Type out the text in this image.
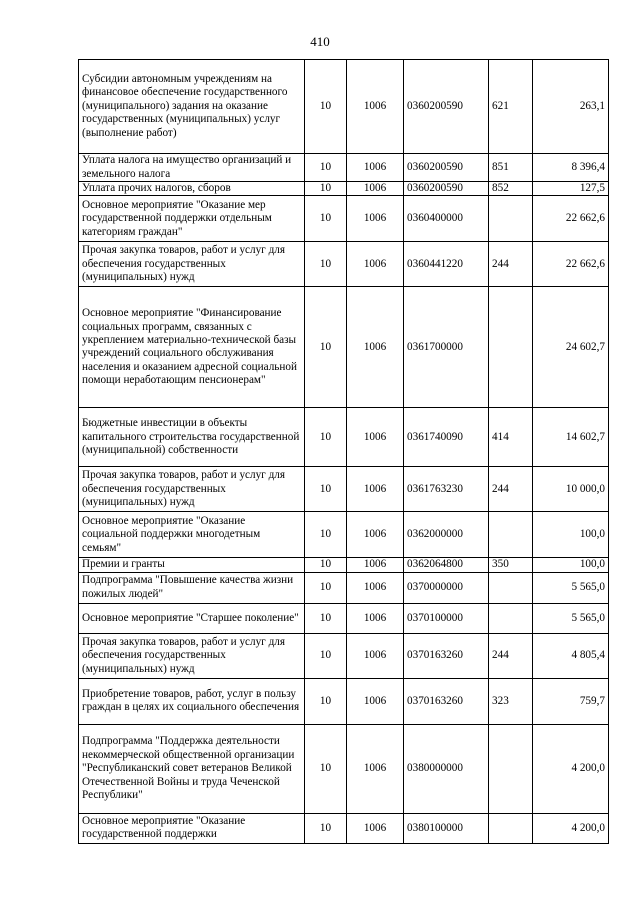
410
Субсидии автономным учреждениям на финансовое обеспечение государственного (муниципального) задания на оказание государственных (муниципальных) услуг (выполнение работ)	10	1006	0360200590	621	263,1
Уплата налога на имущество организаций и земельного налога	10	1006	0360200590	851	8 396,4
Уплата прочих налогов, сборов	10	1006	0360200590	852	127,5
Основное мероприятие "Оказание мер государственной поддержки отдельным категориям граждан"	10	1006	0360400000		22 662,6
Прочая закупка товаров, работ и услуг для обеспечения государственных (муниципальных) нужд	10	1006	0360441220	244	22 662,6
Основное мероприятие "Финансирование социальных программ, связанных с укреплением материально-технической базы учреждений социального обслуживания населения и оказанием адресной социальной помощи неработающим пенсионерам"	10	1006	0361700000		24 602,7
Бюджетные инвестиции в объекты капитального строительства государственной (муниципальной) собственности	10	1006	0361740090	414	14 602,7
Прочая закупка товаров, работ и услуг для обеспечения государственных (муниципальных) нужд	10	1006	0361763230	244	10 000,0
Основное мероприятие "Оказание социальной поддержки многодетным семьям"	10	1006	0362000000		100,0
Премии и гранты	10	1006	0362064800	350	100,0
Подпрограмма "Повышение качества жизни пожилых людей"	10	1006	0370000000		5 565,0
Основное мероприятие "Старшее поколение"	10	1006	0370100000		5 565,0
Прочая закупка товаров, работ и услуг для обеспечения государственных (муниципальных) нужд	10	1006	0370163260	244	4 805,4
Приобретение товаров, работ, услуг в пользу граждан в целях их социального обеспечения	10	1006	0370163260	323	759,7
Подпрограмма "Поддержка деятельности некоммерческой общественной организации "Республиканский совет ветеранов Великой Отечественной Войны и труда Чеченской Республики"	10	1006	0380000000		4 200,0
Основное мероприятие "Оказание государственной поддержки	10	1006	0380100000		4 200,0
